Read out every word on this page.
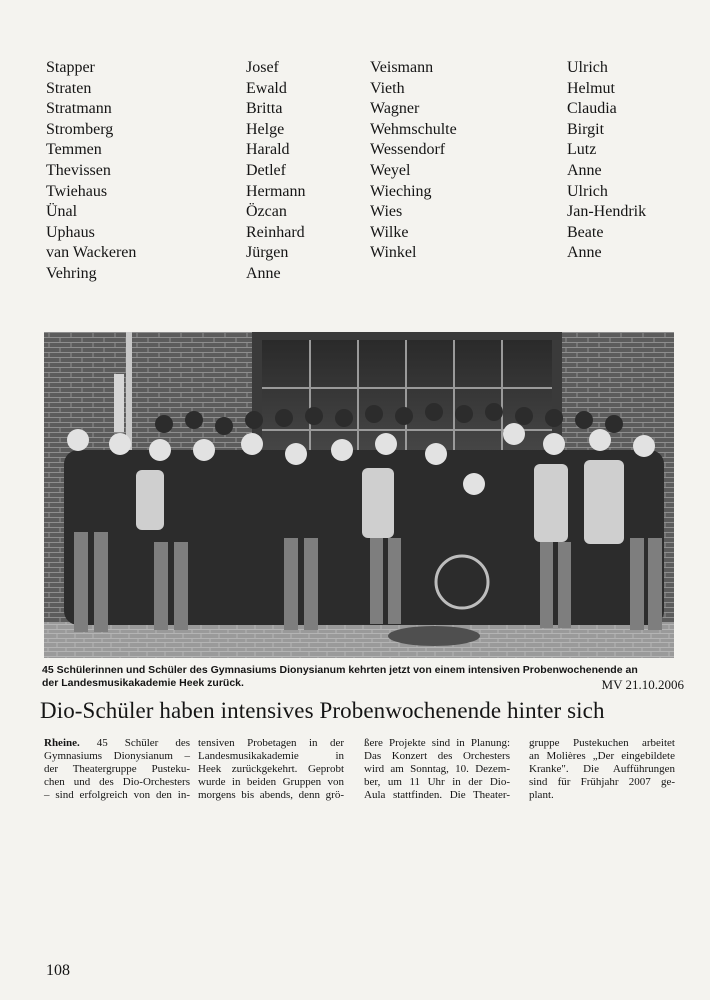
Stapper
Straten
Stratmann
Stromberg
Temmen
Thevissen
Twiehaus
Ünal
Uphaus
van Wackeren
Vehring
Josef
Ewald
Britta
Helge
Harald
Detlef
Hermann
Özcan
Reinhard
Jürgen
Anne
Veismann
Vieth
Wagner
Wehmschulte
Wessendorf
Weyel
Wieching
Wies
Wilke
Winkel
Ulrich
Helmut
Claudia
Birgit
Lutz
Anne
Ulrich
Jan-Hendrik
Beate
Anne
45 Schülerinnen und Schüler des Gymnasiums Dionysianum kehrten jetzt von einem intensiven Probenwochenende an
der Landesmusikakademie Heek zurück.	MV 21.10.2006
Dio-Schüler haben intensives Probenwochenende hinter sich
Rheine. 45 Schüler des
Gymnasiums Dionysianum –
der Theatergruppe Pusteku-
chen und des Dio-Orchesters
– sind erfolgreich von den in-
tensiven Probetagen in der
Landesmusikakademie in
Heek zurückgekehrt. Geprobt
wurde in beiden Gruppen von
morgens bis abends, denn grö-
ßere Projekte sind in Planung:
Das Konzert des Orchesters
wird am Sonntag, 10. Dezem-
ber, um 11 Uhr in der Dio-
Aula stattfinden. Die Theater-
gruppe Pustekuchen arbeitet
an Molières „Der eingebildete
Kranke". Die Aufführungen
sind für Frühjahr 2007 ge-
plant.
108
